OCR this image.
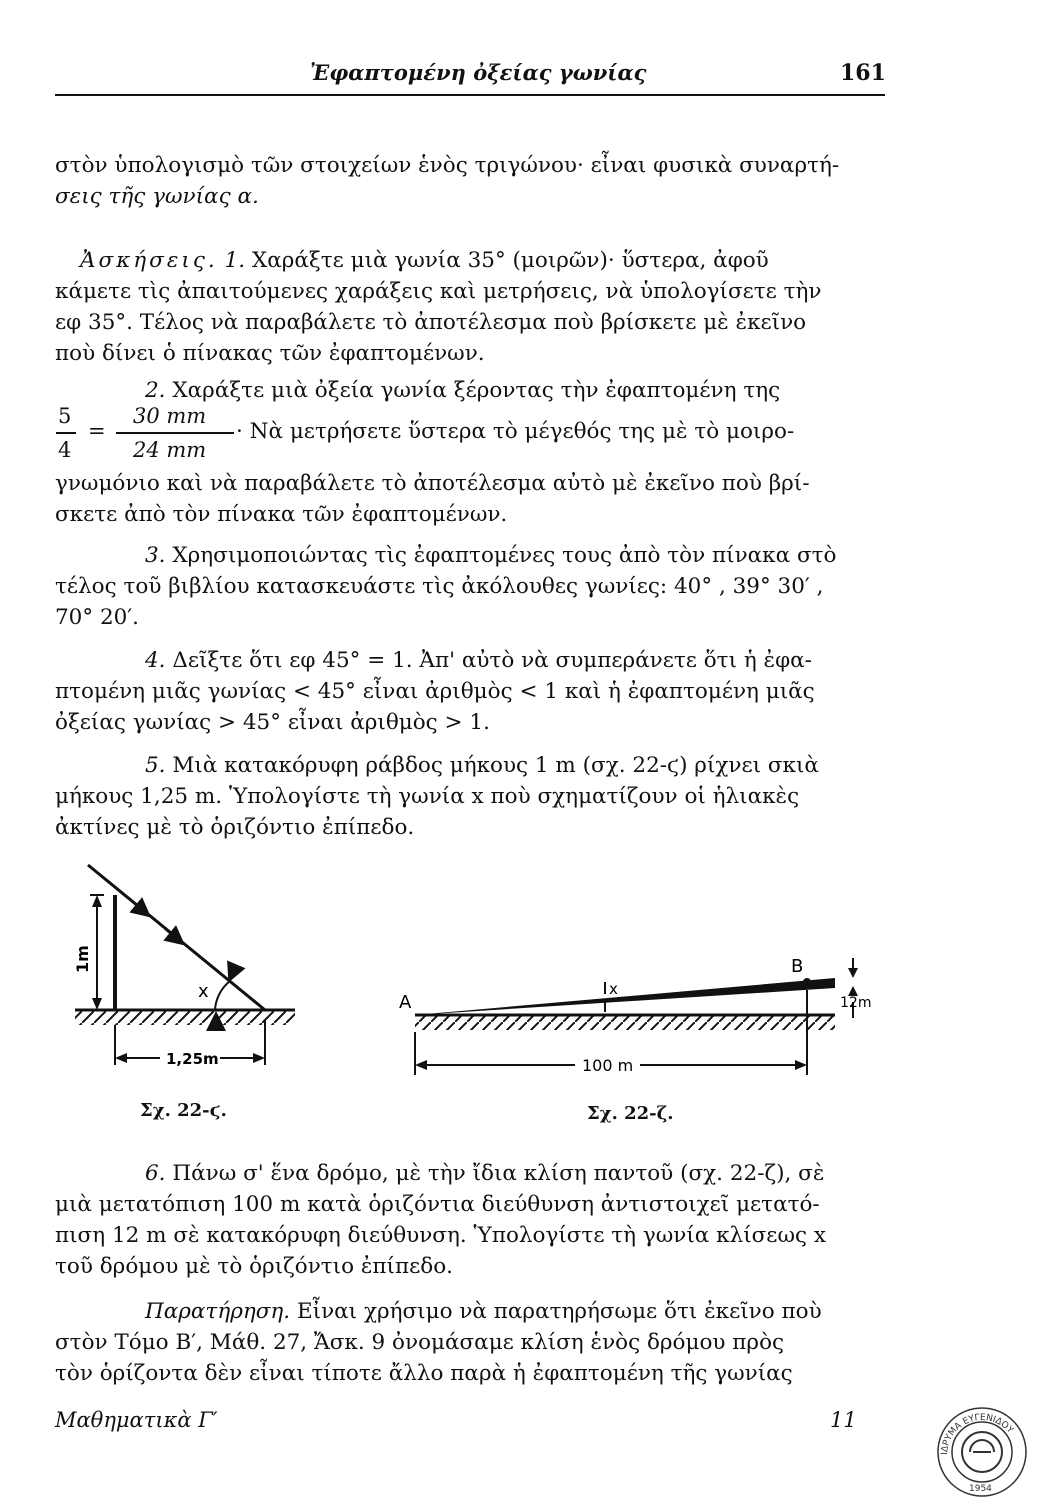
Ἐφαπτομένη ὀξείας γωνίας	161
στὸν ὑπολογισμὸ τῶν στοιχείων ἑνὸς τριγώνου· εἶναι φυσικὰ συναρτή-
σεις τῆς γωνίας α.
Ἀσκήσεις. 1. Χαράξτε μιὰ γωνία 35° (μοιρῶν)· ὕστερα, ἀφοῦ
κάμετε τὶς ἀπαιτούμενες χαράξεις καὶ μετρήσεις, νὰ ὑπολογίσετε τὴν
εφ 35°. Τέλος νὰ παραβάλετε τὸ ἀποτέλεσμα ποὺ βρίσκετε μὲ ἐκεῖνο
ποὺ δίνει ὁ πίνακας τῶν ἐφαπτομένων.
2. Χαράξτε μιὰ ὀξεία γωνία ξέροντας τὴν ἐφαπτομένη της
5
4
=
30 mm
24 mm
· Νὰ μετρήσετε ὕστερα τὸ μέγεθός της μὲ τὸ μοιρο-
γνωμόνιο καὶ νὰ παραβάλετε τὸ ἀποτέλεσμα αὐτὸ μὲ ἐκεῖνο ποὺ βρί-
σκετε ἀπὸ τὸν πίνακα τῶν ἐφαπτομένων.
3. Χρησιμοποιώντας τὶς ἐφαπτομένες τους ἀπὸ τὸν πίνακα στὸ
τέλος τοῦ βιβλίου κατασκευάστε τὶς ἀκόλουθες γωνίες: 40° , 39° 30′ ,
70° 20′.
4. Δεῖξτε ὅτι εφ 45° = 1. Ἀπ' αὐτὸ νὰ συμπεράνετε ὅτι ἡ ἐφα-
πτομένη μιᾶς γωνίας < 45° εἶναι ἀριθμὸς < 1 καὶ ἡ ἐφαπτομένη μιᾶς
ὀξείας γωνίας > 45° εἶναι ἀριθμὸς > 1.
5. Μιὰ κατακόρυφη ράβδος μήκους 1 m (σχ. 22-ϛ) ρίχνει σκιὰ
μήκους 1,25 m. Ὑπολογίστε τὴ γωνία x ποὺ σχηματίζουν οἱ ἡλιακὲς
ἀκτίνες μὲ τὸ ὁριζόντιο ἐπίπεδο.
x
1m
1,25m
Σχ. 22-ϛ.
A
B
x
12m
100 m
Σχ. 22-ζ.
6. Πάνω σ' ἕνα δρόμο, μὲ τὴν ἴδια κλίση παντοῦ (σχ. 22-ζ), σὲ
μιὰ μετατόπιση 100 m κατὰ ὁριζόντια διεύθυνση ἀντιστοιχεῖ μετατό-
πιση 12 m σὲ κατακόρυφη διεύθυνση. Ὑπολογίστε τὴ γωνία κλίσεως x
τοῦ δρόμου μὲ τὸ ὁριζόντιο ἐπίπεδο.
Παρατήρηση. Εἶναι χρήσιμο νὰ παρατηρήσωμε ὅτι ἐκεῖνο ποὺ
στὸν Τόμο Β′, Μάθ. 27, Ἄσκ. 9 ὀνομάσαμε κλίση ἑνὸς δρόμου πρὸς
τὸν ὁρίζοντα δὲν εἶναι τίποτε ἄλλο παρὰ ἡ ἐφαπτομένη τῆς γωνίας
Μαθηματικὰ Γ′	11
ΙΔΡΥΜΑ ΕΥΓΕΝΙΔΟΥ
1954
